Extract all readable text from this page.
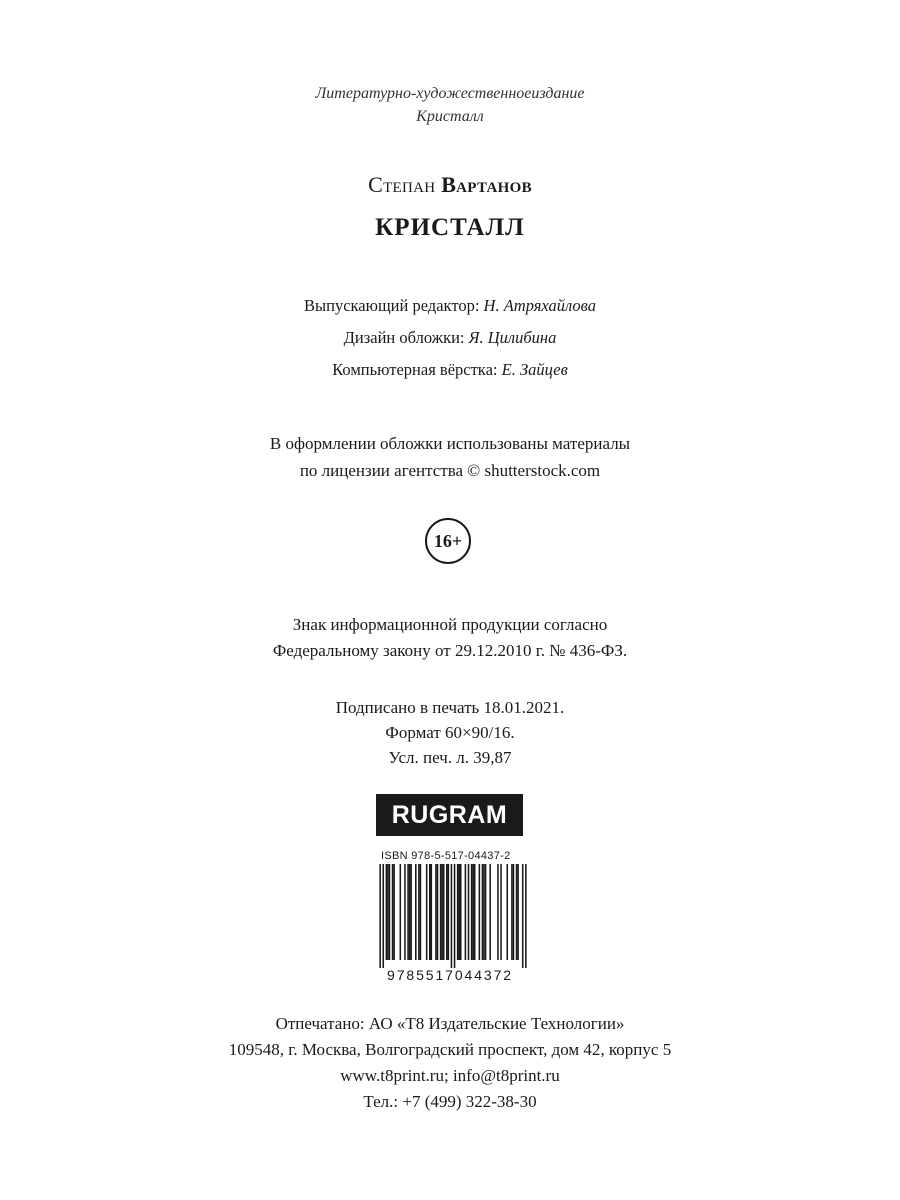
Литературно-художественноеиздание
Кристалл
Степан Вартанов
КРИСТАЛЛ
Выпускающий редактор: Н. Атряхайлова
Дизайн обложки: Я. Цилибина
Компьютерная вёрстка: Е. Зайцев
В оформлении обложки использованы материалы
по лицензии агентства © shutterstock.com
16+
Знак информационной продукции согласно
Федеральному закону от 29.12.2010 г. № 436-ФЗ.
Подписано в печать 18.01.2021.
Формат 60×90/16.
Усл. печ. л. 39,87
RUGRAM
ISBN 978-5-517-04437-2
9785517044372
Отпечатано: АО «Т8 Издательские Технологии»
109548, г. Москва, Волгоградский проспект, дом 42, корпус 5
www.t8print.ru; info@t8print.ru
Тел.: +7 (499) 322-38-30
